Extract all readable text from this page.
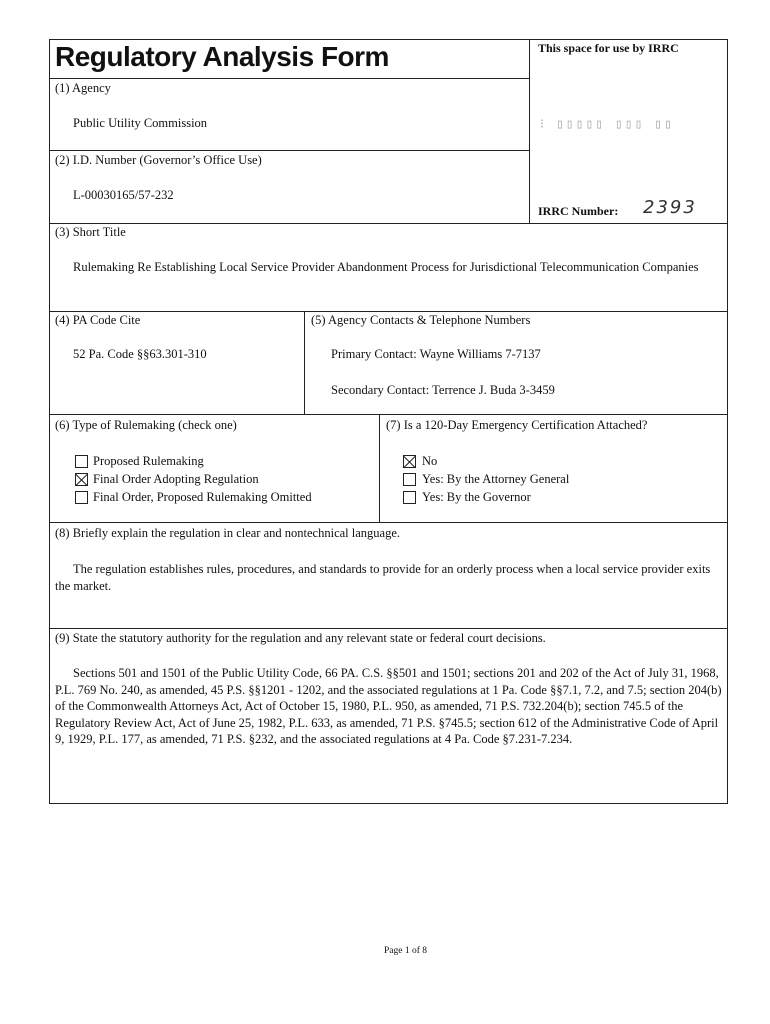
Regulatory Analysis Form	This space for use by IRRC
⁝ ▯▯▯▯▯ ▯▯▯ ▯▯
IRRC Number: 2393
(1) Agency
Public Utility Commission
(2) I.D. Number (Governor’s Office Use)
L-00030165/57-232
(3) Short Title
Rulemaking Re Establishing Local Service Provider Abandonment Process for Jurisdictional Telecommunication Companies
(4) PA Code Cite
52 Pa. Code §§63.301-310
(5) Agency Contacts & Telephone Numbers
Primary Contact: Wayne Williams 7-7137
Secondary Contact: Terrence J. Buda 3-3459
(6) Type of Rulemaking (check one)
Proposed Rulemaking
Final Order Adopting Regulation
Final Order, Proposed Rulemaking Omitted
(7) Is a 120-Day Emergency Certification Attached?
No
Yes: By the Attorney General
Yes: By the Governor
(8) Briefly explain the regulation in clear and nontechnical language.
The regulation establishes rules, procedures, and standards to provide for an orderly process when a local service provider exits the market.
(9) State the statutory authority for the regulation and any relevant state or federal court decisions.
Sections 501 and 1501 of the Public Utility Code, 66 PA. C.S. §§501 and 1501; sections 201 and 202 of the Act of July 31, 1968, P.L. 769 No. 240, as amended, 45 P.S. §§1201 - 1202, and the associated regulations at 1 Pa. Code §§7.1, 7.2, and 7.5; section 204(b) of the Commonwealth Attorneys Act, Act of October 15, 1980, P.L. 950, as amended, 71 P.S. 732.204(b); section 745.5 of the Regulatory Review Act, Act of June 25, 1982, P.L. 633, as amended, 71 P.S. §745.5; section 612 of the Administrative Code of April 9, 1929, P.L. 177, as amended, 71 P.S. §232, and the associated regulations at 4 Pa. Code §7.231-7.234.
Page 1 of 8
